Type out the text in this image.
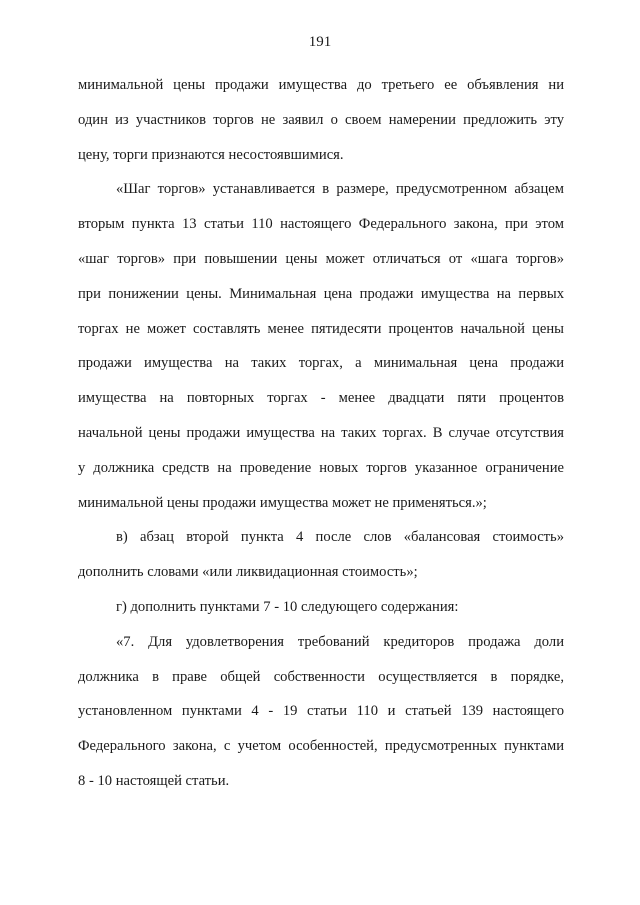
191

минимальной цены продажи имущества до третьего ее объявления ни
один из участников торгов не заявил о своем намерении предложить эту
цену, торги признаются несостоявшимися.

«Шаг торгов» устанавливается в размере, предусмотренном абзацем
вторым пункта 13 статьи 110 настоящего Федерального закона, при этом
«шаг торгов» при повышении цены может отличаться от «шага торгов»
при понижении цены. Минимальная цена продажи имущества на первых
торгах не может составлять менее пятидесяти процентов начальной цены
продажи имущества на таких торгах, а минимальная цена продажи
имущества на повторных торгах - менее двадцати пяти процентов
начальной цены продажи имущества на таких торгах. В случае отсутствия
у должника средств на проведение новых торгов указанное ограничение
минимальной цены продажи имущества может не применяться.»;

в) абзац второй пункта 4 после слов «балансовая стоимость»
дополнить словами «или ликвидационная стоимость»;

г) дополнить пунктами 7 - 10 следующего содержания:

«7. Для удовлетворения требований кредиторов продажа доли
должника в праве общей собственности осуществляется в порядке,
установленном пунктами 4 - 19 статьи 110 и статьей 139 настоящего
Федерального закона, с учетом особенностей, предусмотренных пунктами
8 - 10 настоящей статьи.
